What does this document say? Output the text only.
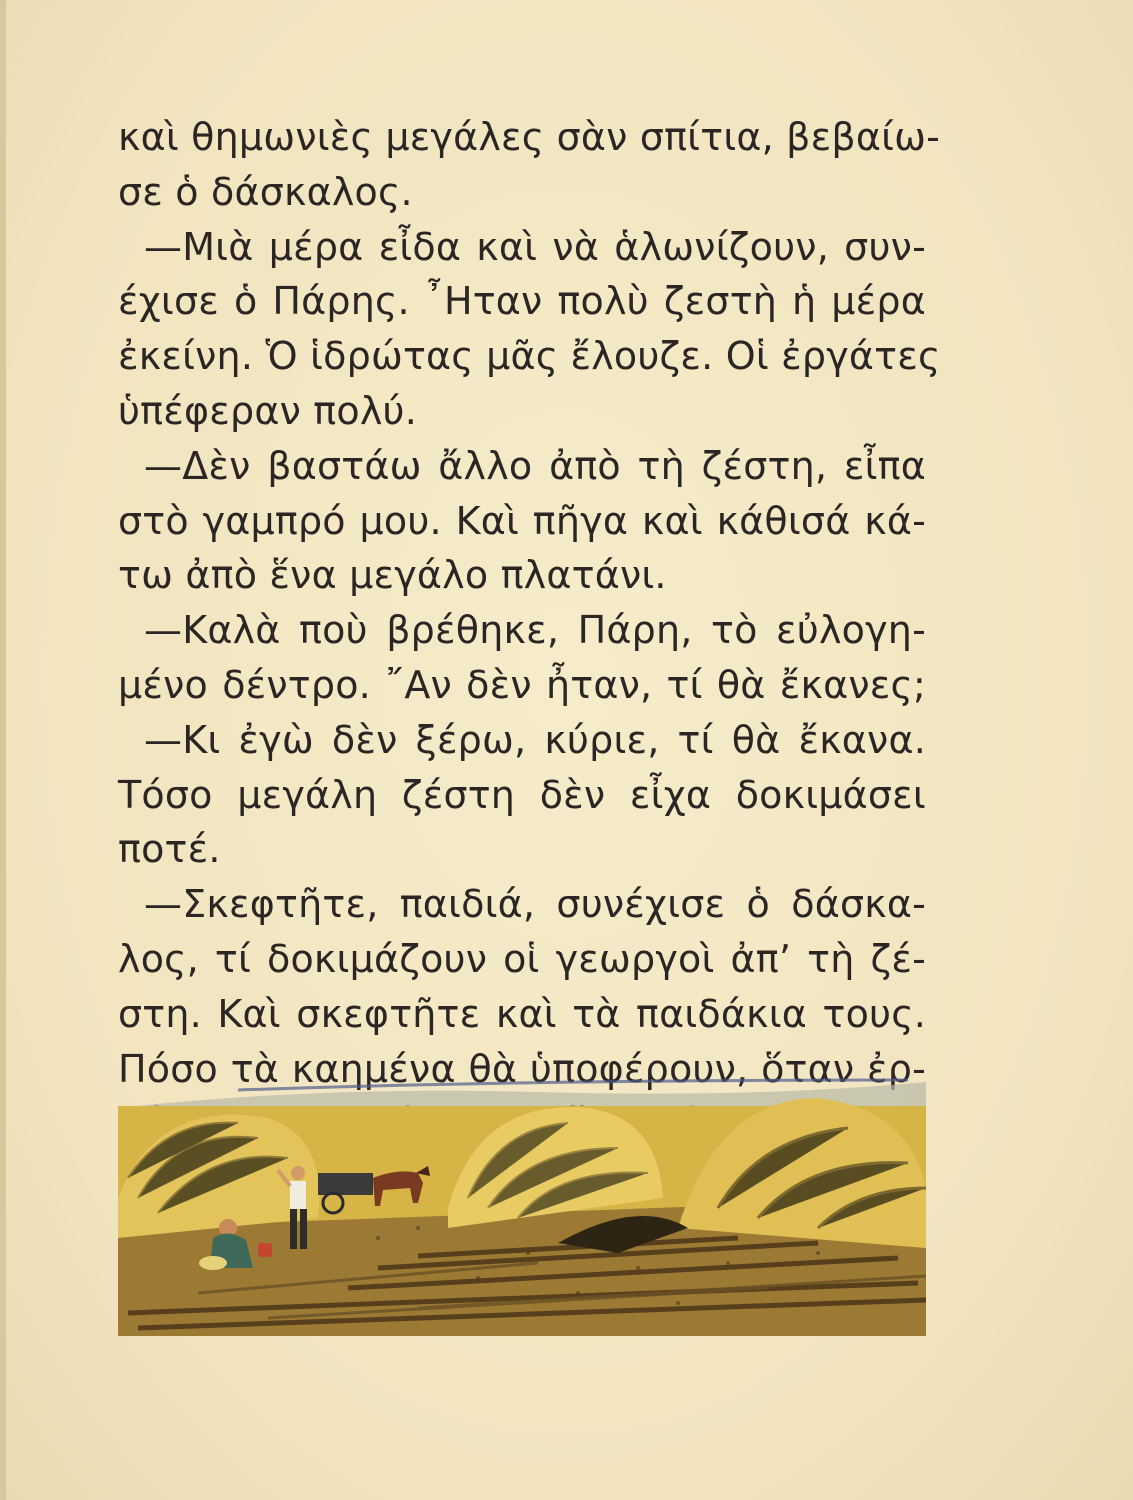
καὶ θημωνιὲς μεγάλες σὰν σπίτια, βεβαίω-
σε ὁ δάσκαλος.
—Μιὰ μέρα εἶδα καὶ νὰ ἁλωνίζουν, συν-
έχισε ὁ Πάρης. ῏Ηταν πολὺ ζεστὴ ἡ μέρα
ἐκείνη. Ὁ ἱδρώτας μᾶς ἔλουζε. Οἱ ἐργάτες
ὑπέφεραν πολύ.
—Δὲν βαστάω ἄλλο ἀπὸ τὴ ζέστη, εἶπα
στὸ γαμπρό μου. Καὶ πῆγα καὶ κάθισά κά-
τω ἀπὸ ἕνα μεγάλο πλατάνι.
—Καλὰ ποὺ βρέθηκε, Πάρη, τὸ εὐλογη-
μένο δέντρο. ῎Αν δὲν ἦταν, τί θὰ ἔκανες;
—Κι ἐγὼ δὲν ξέρω, κύριε, τί θὰ ἔκανα.
Τόσο μεγάλη ζέστη δὲν εἶχα δοκιμάσει
ποτέ.
—Σκεφτῆτε, παιδιά, συνέχισε ὁ δάσκα-
λος, τί δοκιμάζουν οἱ γεωργοὶ ἀπ’ τὴ ζέ-
στη. Καὶ σκεφτῆτε καὶ τὰ παιδάκια τους.
Πόσο τὰ καημένα θὰ ὑποφέρουν, ὅταν ἐρ-
